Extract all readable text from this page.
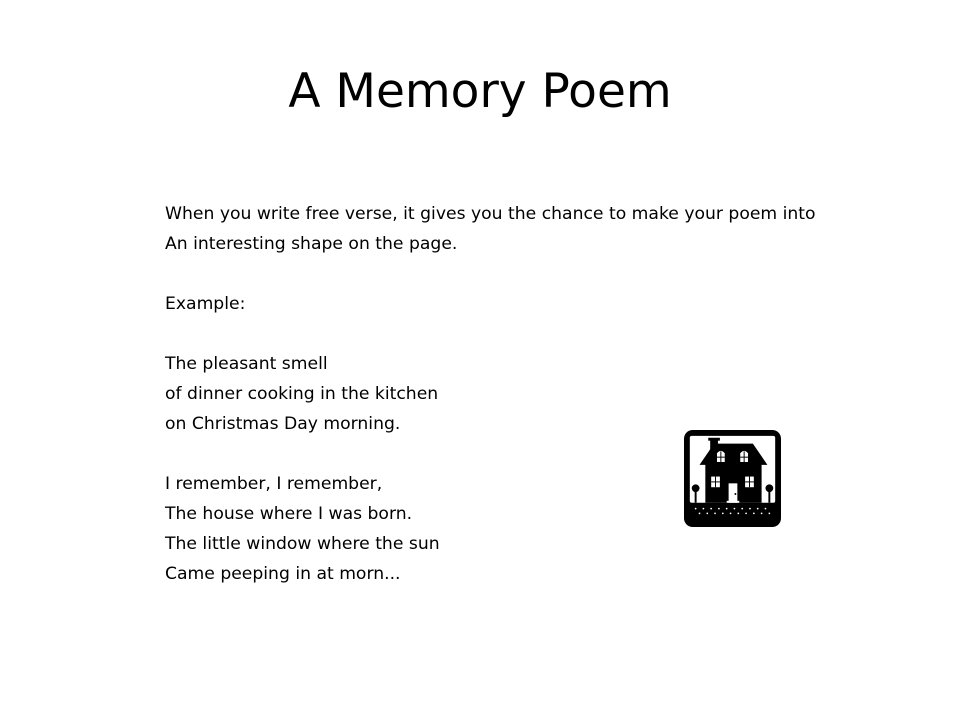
A Memory Poem
When you write free verse, it gives you the chance to make your poem into
An interesting shape on the page.
Example:
The pleasant smell
of dinner cooking in the kitchen
on Christmas Day morning.
I remember, I remember,
The house where I was born.
The little window where the sun
Came peeping in at morn...
